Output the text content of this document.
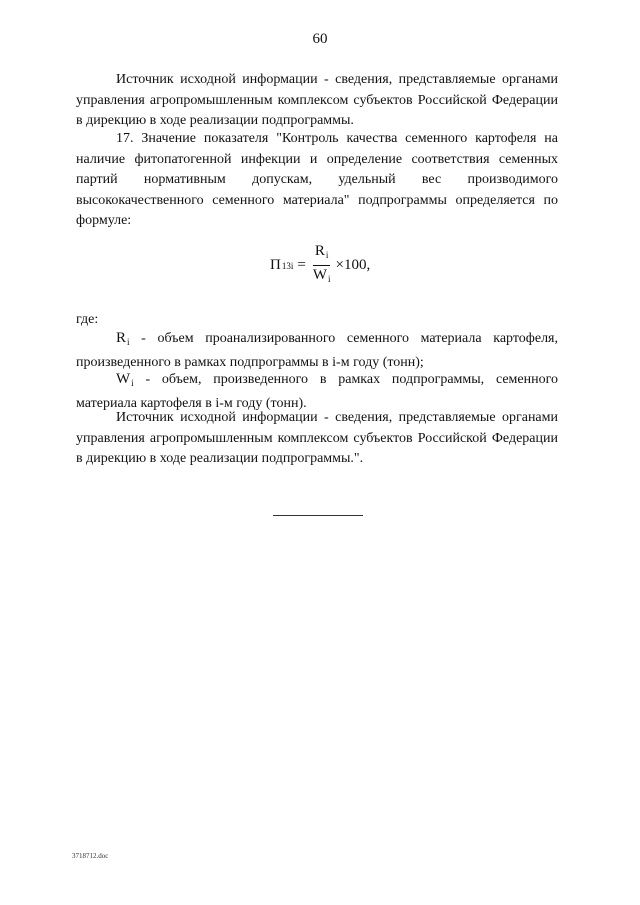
60

Источник исходной информации - сведения, представляемые органами управления агропромышленным комплексом субъектов Российской Федерации в дирекцию в ходе реализации подпрограммы.

17. Значение показателя "Контроль качества семенного картофеля на наличие фитопатогенной инфекции и определение соответствия семенных партий нормативным допускам, удельный вес производимого высококачественного семенного материала" подпрограммы определяется по формуле:

П $13i = \frac{R_i}{W_i} \times 100$,

где:

$R_i$ - объем проанализированного семенного материала картофеля, произведенного в рамках подпрограммы в i-м году (тонн);

$W_i$ - объем, произведенного в рамках подпрограммы, семенного материала картофеля в i-м году (тонн).

Источник исходной информации - сведения, представляемые органами управления агропромышленным комплексом субъектов Российской Федерации в дирекцию в ходе реализации подпрограммы.".

3718712.doc
